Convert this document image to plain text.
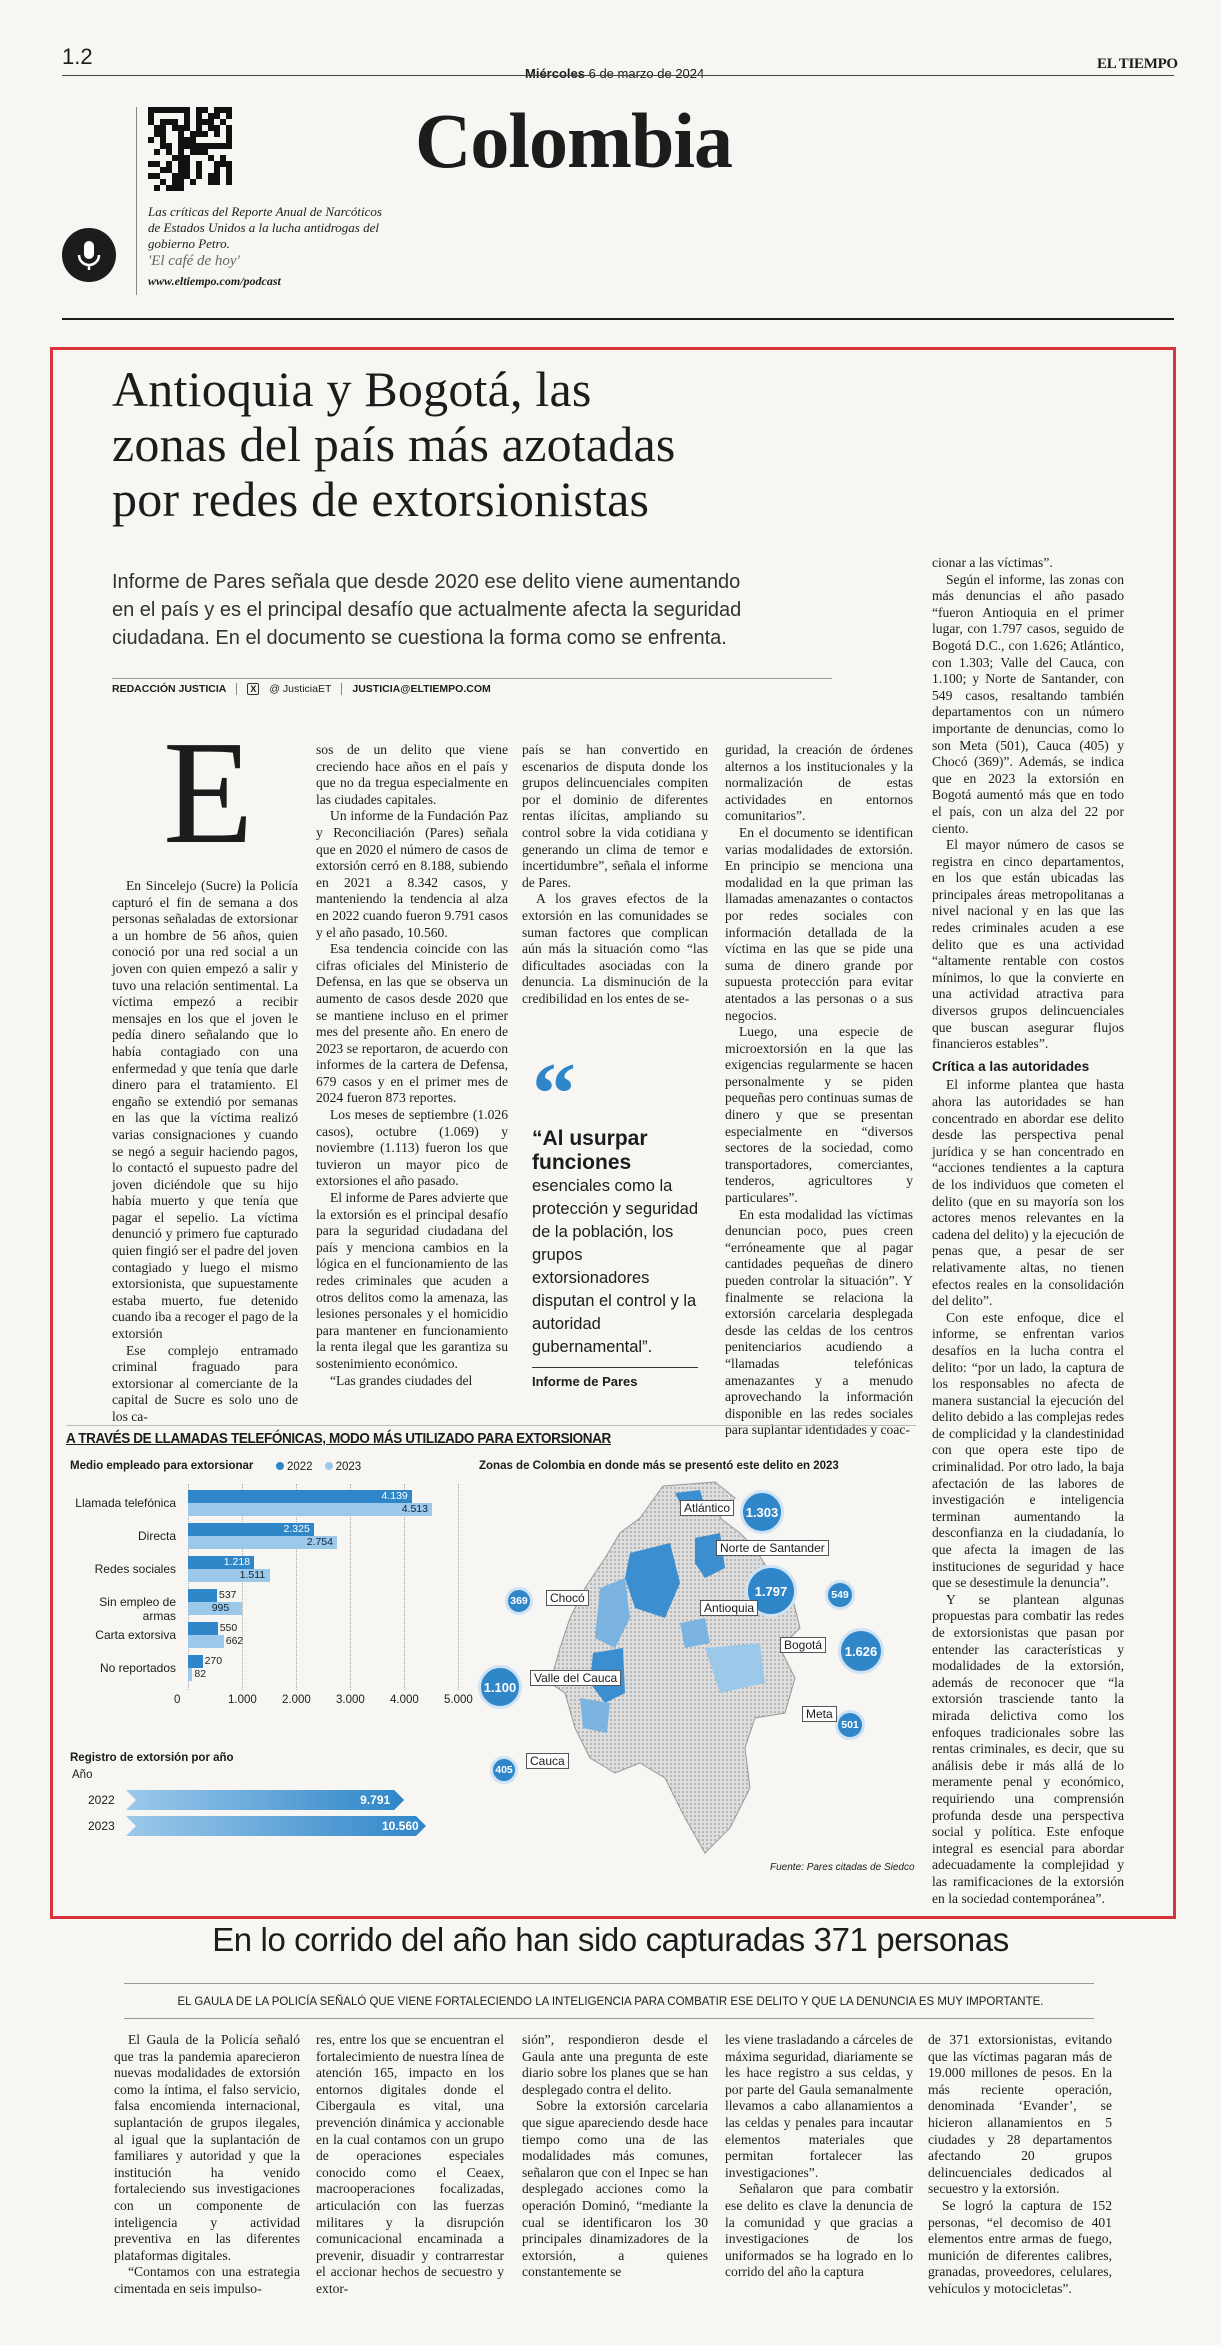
1.2
Miércoles 6 de marzo de 2024
EL TIEMPO
Las críticas del Reporte Anual de Narcóticos de Estados Unidos a la lucha antidrogas del gobierno Petro.
'El café de hoy'
www.eltiempo.com/podcast
Colombia
Antioquia y Bogotá, las
zonas del país más azotadas
por redes de extorsionistas
Informe de Pares señala que desde 2020 ese delito viene aumentando
en el país y es el principal desafío que actualmente afecta la seguridad
ciudadana. En el documento se cuestiona la forma como se enfrenta.
REDACCIÓN JUSTICIA	X @ JusticiaET JUSTICIA@ELTIEMPO.COM
E

En Sincelejo (Sucre) la Policía capturó el fin de semana a dos personas señaladas de extorsionar a un hombre de 56 años, quien conoció por una red social a un joven con quien empezó a salir y tuvo una relación sentimental. La víctima empezó a recibir mensajes en los que el joven le pedía dinero señalando que lo había contagiado con una enfermedad y que tenía que darle dinero para el tratamiento. El engaño se extendió por semanas en las que la víctima realizó varias consignaciones y cuando se negó a seguir haciendo pagos, lo contactó el supuesto padre del joven diciéndole que su hijo había muerto y que tenía que pagar el sepelio. La víctima denunció y primero fue capturado quien fingió ser el padre del joven contagiado y luego el mismo extorsionista, que supuestamente estaba muerto, fue detenido cuando iba a recoger el pago de la extorsión

Ese complejo entramado criminal fraguado para extorsionar al comerciante de la capital de Sucre es solo uno de los ca-

sos de un delito que viene creciendo hace años en el país y que no da tregua especialmente en las ciudades capitales.

Un informe de la Fundación Paz y Reconciliación (Pares) señala que en 2020 el número de casos de extorsión cerró en 8.188, subiendo en 2021 a 8.342 casos, y manteniendo la tendencia al alza en 2022 cuando fueron 9.791 casos y el año pasado, 10.560.

Esa tendencia coincide con las cifras oficiales del Ministerio de Defensa, en las que se observa un aumento de casos desde 2020 que se mantiene incluso en el primer mes del presente año. En enero de 2023 se reportaron, de acuerdo con informes de la cartera de Defensa, 679 casos y en el primer mes de 2024 fueron 873 reportes.

Los meses de septiembre (1.026 casos), octubre (1.069) y noviembre (1.113) fueron los que tuvieron un mayor pico de extorsiones el año pasado.

El informe de Pares advierte que la extorsión es el principal desafío para la seguridad ciudadana del país y menciona cambios en la lógica en el funcionamiento de las redes criminales que acuden a otros delitos como la amenaza, las lesiones personales y el homicidio para mantener en funcionamiento la renta ilegal que les garantiza su sostenimiento económico.

“Las grandes ciudades del

país se han convertido en escenarios de disputa donde los grupos delincuenciales compiten por el dominio de diferentes rentas ilícitas, ampliando su control sobre la vida cotidiana y generando un clima de temor e incertidumbre”, señala el informe de Pares.

A los graves efectos de la extorsión en las comunidades se suman factores que complican aún más la situación como “las dificultades asociadas con la denuncia. La disminución de la credibilidad en los entes de se-

“
“Al usurpar funciones
esenciales como la protección y seguridad de la población, los grupos extorsionadores disputan el control y la autoridad gubernamental”.
Informe de Pares

guridad, la creación de órdenes alternos a los institucionales y la normalización de estas actividades en entornos comunitarios”.

En el documento se identifican varias modalidades de extorsión. En principio se menciona una modalidad en la que priman las llamadas amenazantes o contactos por redes sociales con información detallada de la víctima en las que se pide una suma de dinero grande por supuesta protección para evitar atentados a las personas o a sus negocios.

Luego, una especie de microextorsión en la que las exigencias regularmente se hacen personalmente y se piden pequeñas pero continuas sumas de dinero y que se presentan especialmente en “diversos sectores de la sociedad, como transportadores, comerciantes, tenderos, agricultores y particulares”.

En esta modalidad las víctimas denuncian poco, pues creen “erróneamente que al pagar cantidades pequeñas de dinero pueden controlar la situación”. Y finalmente se relaciona la extorsión carcelaria desplegada desde las celdas de los centros penitenciarios acudiendo a “llamadas telefónicas amenazantes y a menudo aprovechando la información disponible en las redes sociales para suplantar identidades y coac-

cionar a las víctimas”.

Según el informe, las zonas con más denuncias el año pasado “fueron Antioquia en el primer lugar, con 1.797 casos, seguido de Bogotá D.C., con 1.626; Atlántico, con 1.303; Valle del Cauca, con 1.100; y Norte de Santander, con 549 casos, resaltando también departamentos con un número importante de denuncias, como lo son Meta (501), Cauca (405) y Chocó (369)”. Además, se indica que en 2023 la extorsión en Bogotá aumentó más que en todo el país, con un alza del 22 por ciento.

El mayor número de casos se registra en cinco departamentos, en los que están ubicadas las principales áreas metropolitanas a nivel nacional y en las que las redes criminales acuden a ese delito que es una actividad “altamente rentable con costos mínimos, lo que la convierte en una actividad atractiva para diversos grupos delincuenciales que buscan asegurar flujos financieros estables”.

Crítica a las autoridades

El informe plantea que hasta ahora las autoridades se han concentrado en abordar ese delito desde las perspectiva penal jurídica y se han concentrado en “acciones tendientes a la captura de los individuos que cometen el delito (que en su mayoría son los actores menos relevantes en la cadena del delito) y la ejecución de penas que, a pesar de ser relativamente altas, no tienen efectos reales en la consolidación del delito”.

Con este enfoque, dice el informe, se enfrentan varios desafíos en la lucha contra el delito: “por un lado, la captura de los responsables no afecta de manera sustancial la ejecución del delito debido a las complejas redes de complicidad y la clandestinidad con que opera este tipo de criminalidad. Por otro lado, la baja afectación de las labores de investigación e inteligencia terminan aumentando la desconfianza en la ciudadanía, lo que afecta la imagen de las instituciones de seguridad y hace que se desestimule la denuncia”.

Y se plantean algunas propuestas para combatir las redes de extorsionistas que pasan por entender las características y modalidades de la extorsión, además de reconocer que “la extorsión trasciende tanto la mirada delictiva como los enfoques tradicionales sobre las rentas criminales, es decir, que su análisis debe ir más allá de lo meramente penal y económico, requiriendo una comprensión profunda desde una perspectiva social y política. Este enfoque integral es esencial para abordar adecuadamente la complejidad y las ramificaciones de la extorsión en la sociedad contemporánea”.

A TRAVÉS DE LLAMADAS TELEFÓNICAS, MODO MÁS UTILIZADO PARA EXTORSIONAR
Medio empleado para extorsionar	2022	2023
0	1.000 2.000 3.000 4.000 5.000
Llamada telefónica	4.139
4.513
Directa	2.325
2.754
Redes sociales	1.218
1.511
Sin empleo de armas
537
995
Carta extorsiva	550
662
No reportados	270
82
Registro de extorsión por año
Año
2022	9.791
2023	10.560
Zonas de Colombia en donde más se presentó este delito en 2023
1.303
Atlántico
549
Norte de Santander
1.797
Antioquia
369	Chocó
1.626
Bogotá
1.100
Valle del Cauca
501
Meta
405
Cauca
Fuente: Pares citadas de Siedco
En lo corrido del año han sido capturadas 371 personas
EL GAULA DE LA POLICÍA SEÑALÓ QUE VIENE FORTALECIENDO LA INTELIGENCIA PARA COMBATIR ESE DELITO Y QUE LA DENUNCIA ES MUY IMPORTANTE.

El Gaula de la Policía señaló que tras la pandemia aparecieron nuevas modalidades de extorsión como la íntima, el falso servicio, falsa encomienda internacional, suplantación de grupos ilegales, al igual que la suplantación de familiares y autoridad y que la institución ha venido fortaleciendo sus investigaciones con un componente de inteligencia y actividad preventiva en las diferentes plataformas digitales.

“Contamos con una estrategia cimentada en seis impulso-

res, entre los que se encuentran el fortalecimiento de nuestra línea de atención 165, impacto en los entornos digitales donde el Cibergaula es vital, una prevención dinámica y accionable en la cual contamos con un grupo de operaciones especiales conocido como el Ceaex, macrooperaciones focalizadas, articulación con las fuerzas militares y la disrupción comunicacional encaminada a prevenir, disuadir y contrarrestar el accionar hechos de secuestro y extor-

sión”, respondieron desde el Gaula ante una pregunta de este diario sobre los planes que se han desplegado contra el delito.

Sobre la extorsión carcelaria que sigue apareciendo desde hace tiempo como una de las modalidades más comunes, señalaron que con el Inpec se han desplegado acciones como la operación Dominó, “mediante la cual se identificaron los 30 principales dinamizadores de la extorsión, a quienes constantemente se

les viene trasladando a cárceles de máxima seguridad, diariamente se les hace registro a sus celdas, y por parte del Gaula semanalmente llevamos a cabo allanamientos a las celdas y penales para incautar elementos materiales que permitan fortalecer las investigaciones”.

Señalaron que para combatir ese delito es clave la denuncia de la comunidad y que gracias a investigaciones de los uniformados se ha logrado en lo corrido del año la captura

de 371 extorsionistas, evitando que las víctimas pagaran más de 19.000 millones de pesos. En la más reciente operación, denominada ‘Evander’, se hicieron allanamientos en 5 ciudades y 28 departamentos afectando 20 grupos delincuenciales dedicados al secuestro y la extorsión.

Se logró la captura de 152 personas, “el decomiso de 401 elementos entre armas de fuego, munición de diferentes calibres, granadas, proveedores, celulares, vehículos y motocicletas”.
